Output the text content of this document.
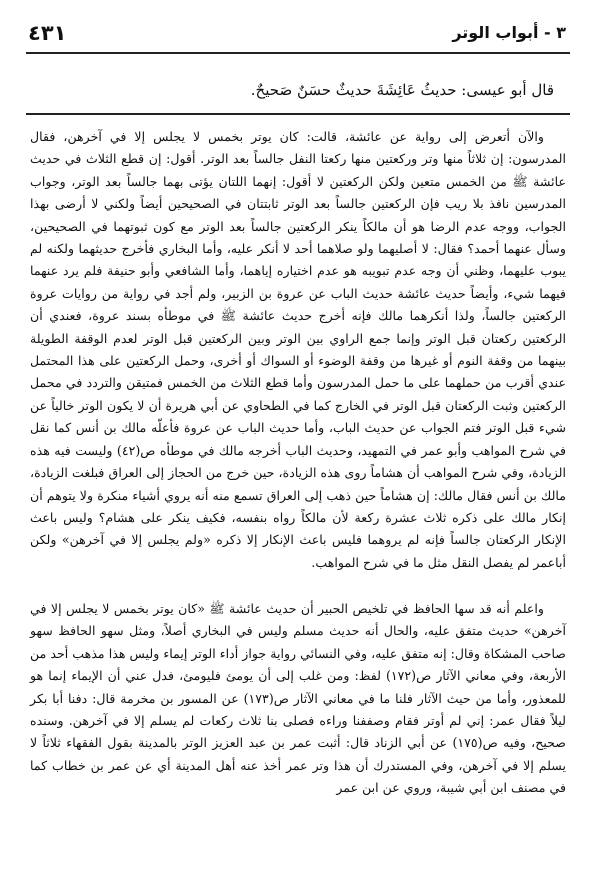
٤٣١	٣ - أبواب الوتر
قال أبو عيسى: حديثُ عَائِشَةَ حديثٌ حسَنٌ صَحيحٌ.

والآن أتعرض إلى رواية عن عائشة، قالت: كان يوتر بخمس لا يجلس إلا في آخرهن، فقال المدرسون: إن ثلاثاً منها وتر وركعتين منها ركعتا النفل جالساً بعد الوتر. أقول: إن قطع الثلاث في حديث عائشة ﷺ من الخمس متعين ولكن الركعتين لا أقول: إنهما اللتان يؤتى بهما جالساً بعد الوتر، وجواب المدرسين نافذ بلا ريب فإن الركعتين جالساً بعد الوتر ثابتتان في الصحيحين أيضاً ولكني لا أرضى بهذا الجواب، ووجه عدم الرضا هو أن مالكاً ينكر الركعتين جالساً بعد الوتر مع كون ثبوتهما في الصحيحين، وسأل عنهما أحمد؟ فقال: لا أصليهما ولو صلاهما أحد لا أنكر عليه، وأما البخاري فأخرج حديثهما ولكنه لم يبوب عليهما، وظني أن وجه عدم تبويبه هو عدم اختياره إياهما، وأما الشافعي وأبو حنيفة فلم يرد عنهما فيهما شيء، وأيضاً حديث عائشة حديث الباب عن عروة بن الزبير، ولم أجد في رواية من روايات عروة الركعتين جالساً، ولذا أنكرهما مالك فإنه أخرج حديث عائشة ﷺ في موطأه بسند عروة، فعندي أن الركعتين ركعتان قبل الوتر وإنما جمع الراوي بين الوتر وبين الركعتين قبل الوتر لعدم الوقفة الطويلة بينهما من وقفة النوم أو غيرها من وقفة الوضوء أو السواك أو أخرى، وحمل الركعتين على هذا المحتمل عندي أقرب من حملهما على ما حمل المدرسون وأما قطع الثلاث من الخمس فمتيقن والتردد في محمل الركعتين وثبت الركعتان قبل الوتر في الخارج كما في الطحاوي عن أبي هريرة أن لا يكون الوتر خالياً عن شيء قبل الوتر فتم الجواب عن حديث الباب، وأما حديث الباب عن عروة فأعلّه مالك بن أنس كما نقل في شرح المواهب وأبو عمر في التمهيد، وحديث الباب أخرجه مالك في موطأه ص(٤٢) وليست فيه هذه الزيادة، وفي شرح المواهب أن هشاماً روى هذه الزيادة، حين خرج من الحجاز إلى العراق فبلغت الزيادة، مالك بن أنس فقال مالك: إن هشاماً حين ذهب إلى العراق تسمع منه أنه يروي أشياء منكرة ولا يتوهم أن إنكار مالك على ذكره ثلاث عشرة ركعة لأن مالكاً رواه بنفسه، فكيف ينكر على هشام؟ وليس باعث الإنكار الركعتان جالساً فإنه لم يروهما فليس باعث الإنكار إلا ذكره «ولم يجلس إلا في آخرهن» ولكن أباعمر لم يفصل النقل مثل ما في شرح المواهب.

واعلم أنه قد سها الحافظ في تلخيص الحبير أن حديث عائشة ﷺ «كان يوتر بخمس لا يجلس إلا في آخرهن» حديث متفق عليه، والحال أنه حديث مسلم وليس في البخاري أصلاً، ومثل سهو الحافظ سهو صاحب المشكاة وقال: إنه متفق عليه، وفي النسائي رواية جواز أداء الوتر إيماء وليس هذا مذهب أحد من الأربعة، وفي معاني الآثار ص(١٧٢) لفظ: ومن غلب إلى أن يومئ فليومئ، فدل عني أن الإيماء إنما هو للمعذور، وأما من حيث الآثار فلنا ما في معاني الآثار ص(١٧٣) عن المسور بن مخرمة قال: دفنا أبا بكر ليلاً فقال عمر: إني لم أوتر فقام وصففنا وراءه فصلى بنا ثلاث ركعات لم يسلم إلا في آخرهن. وسنده صحيح، وفيه ص(١٧٥) عن أبي الزناد قال: أثبت عمر بن عبد العزيز الوتر بالمدينة بقول الفقهاء ثلاثاً لا يسلم إلا في آخرهن، وفي المستدرك أن هذا وتر عمر أخذ عنه أهل المدينة أي عن عمر بن خطاب كما في مصنف ابن أبي شيبة، وروي عن ابن عمر
